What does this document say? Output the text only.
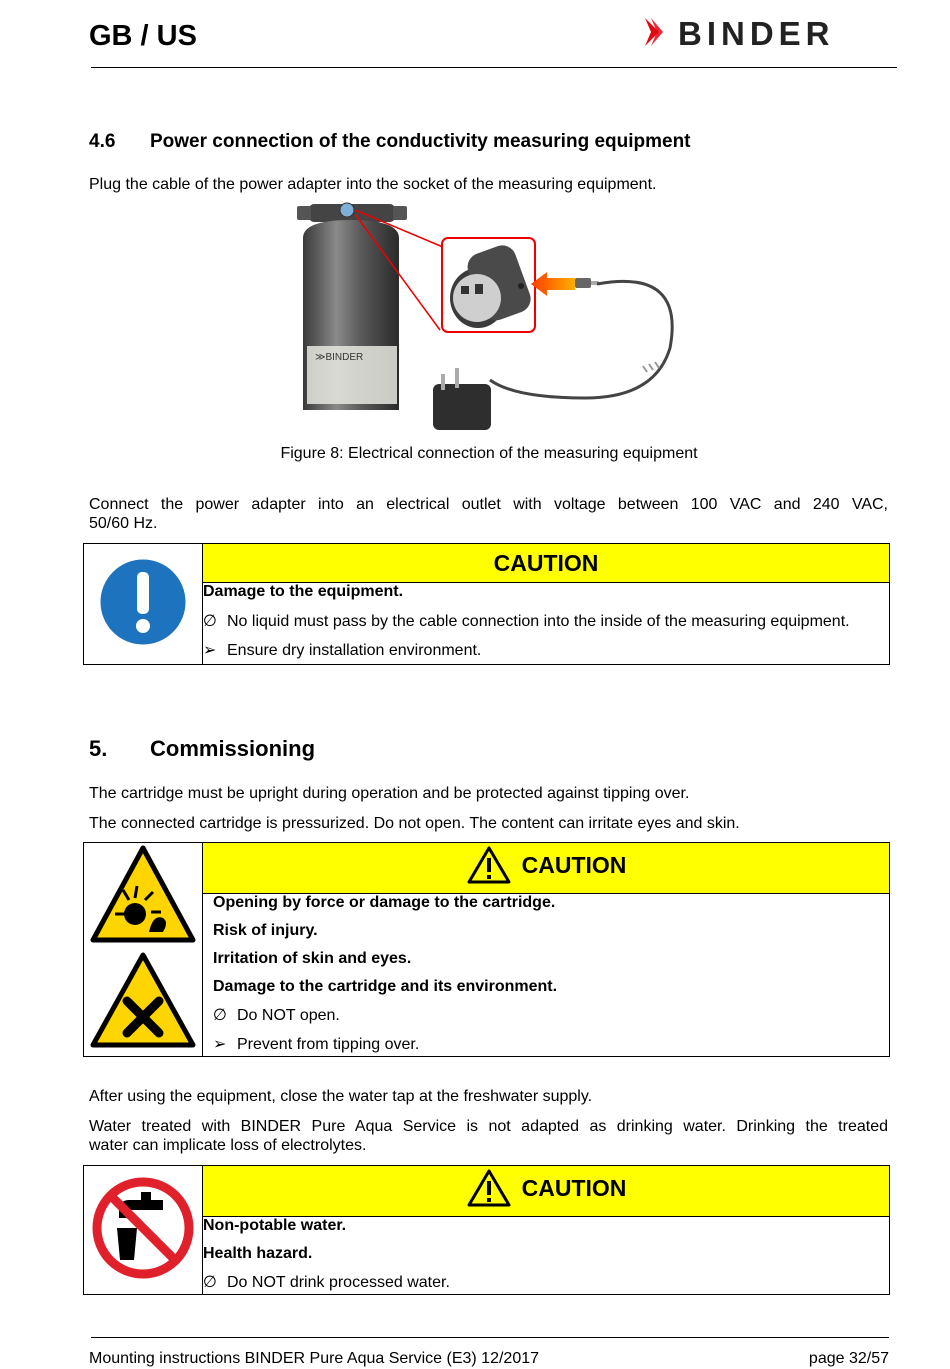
GB / US	BINDER
4.6 Power connection of the conductivity measuring equipment
Plug the cable of the power adapter into the socket of the measuring equipment.
≫BINDER
Figure 8: Electrical connection of the measuring equipment
Connect the power adapter into an electrical outlet with voltage between 100 VAC and 240 VAC,
50/60 Hz.
	CAUTION

Damage to the equipment.
∅ No liquid must pass by the cable connection into the inside of the measuring equipment.
➢ Ensure dry installation environment.
5. Commissioning
The cartridge must be upright during operation and be protected against tipping over.
The connected cartridge is pressurized. Do not open. The content can irritate eyes and skin.

CAUTION

Opening by force or damage to the cartridge.
Risk of injury.
Irritation of skin and eyes.
Damage to the cartridge and its environment.
∅ Do NOT open.
➢ Prevent from tipping over.
After using the equipment, close the water tap at the freshwater supply.
Water treated with BINDER Pure Aqua Service is not adapted as drinking water. Drinking the treated
water can implicate loss of electrolytes.

CAUTION

Non-potable water.
Health hazard.
∅ Do NOT drink processed water.
Mounting instructions BINDER Pure Aqua Service (E3) 12/2017	page 32/57
